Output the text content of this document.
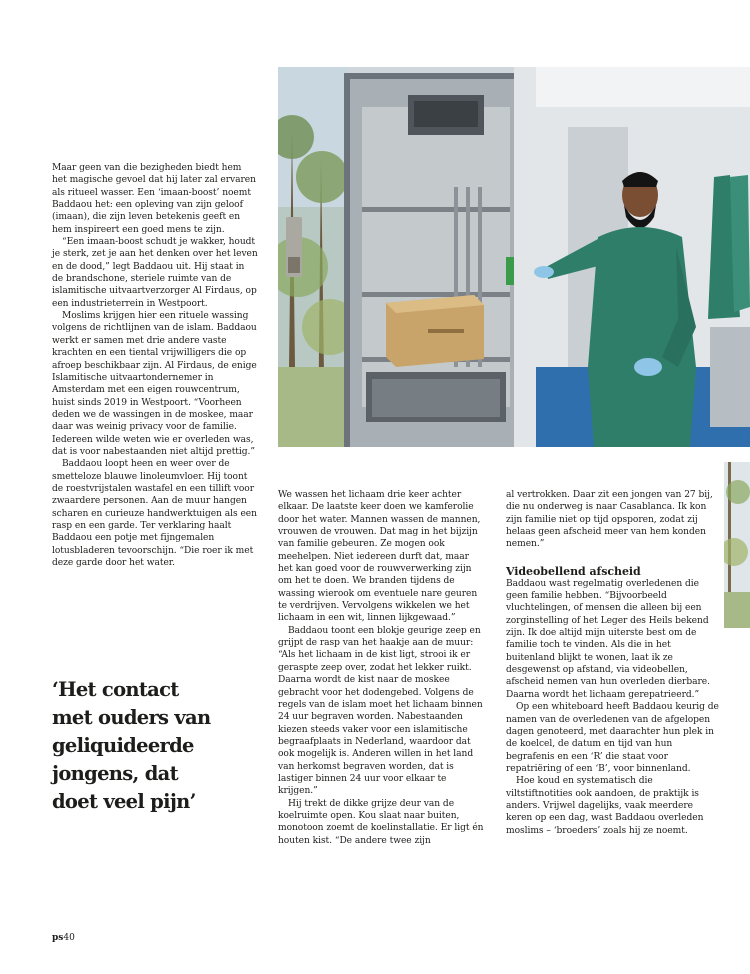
Maar geen van die bezigheden biedt hem het magische gevoel dat hij later zal ervaren als ritueel wasser. Een ‘imaan-boost’ noemt Baddaou het: een opleving van zijn geloof (imaan), die zijn leven betekenis geeft en hem inspireert een goed mens te zijn.

“Een imaan-boost schudt je wakker, houdt je sterk, zet je aan het denken over het leven en de dood,” legt Baddaou uit. Hij staat in de brandschone, steriele ruimte van de islamitische uitvaartverzorger Al Firdaus, op een industrieterrein in Westpoort.

Moslims krijgen hier een rituele wassing volgens de richtlijnen van de islam. Baddaou werkt er samen met drie andere vaste krachten en een tiental vrijwilligers die op afroep beschikbaar zijn. Al Firdaus, de enige Islamitische uitvaartondernemer in Amsterdam met een eigen rouwcentrum, huist sinds 2019 in Westpoort. “Voorheen deden we de wassingen in de moskee, maar daar was weinig privacy voor de familie. Iedereen wilde weten wie er overleden was, dat is voor nabestaanden niet altijd prettig.”

Baddaou loopt heen en weer over de smetteloze blauwe linoleumvloer. Hij toont de roestvrijstalen wastafel en een tillift voor zwaardere personen. Aan de muur hangen scharen en curieuze handwerktuigen als een rasp en een garde. Ter verklaring haalt Baddaou een potje met fijngemalen lotusbladeren tevoorschijn. “Die roer ik met deze garde door het water.

‘Het contact
met ouders van
geliquideerde
jongens, dat
doet veel pijn’

We wassen het lichaam drie keer achter elkaar. De laatste keer doen we kamferolie door het water. Mannen wassen de mannen, vrouwen de vrouwen. Dat mag in het bijzijn van familie gebeuren. Ze mogen ook meehelpen. Niet iedereen durft dat, maar het kan goed voor de rouwverwerking zijn om het te doen. We branden tijdens de wassing wierook om eventuele nare geuren te verdrijven. Vervolgens wikkelen we het lichaam in een wit, linnen lijkgewaad.”

Baddaou toont een blokje geurige zeep en grijpt de rasp van het haakje aan de muur: “Als het lichaam in de kist ligt, strooi ik er geraspte zeep over, zodat het lekker ruikt. Daarna wordt de kist naar de moskee gebracht voor het dodengebed. Volgens de regels van de islam moet het lichaam binnen 24 uur begraven worden. Nabestaanden kiezen steeds vaker voor een islamitische begraafplaats in Nederland, waardoor dat ook mogelijk is. Anderen willen in het land van herkomst begraven worden, dat is lastiger binnen 24 uur voor elkaar te krijgen.”

Hij trekt de dikke grijze deur van de koelruimte open. Kou slaat naar buiten, monotoon zoemt de koelinstallatie. Er ligt én houten kist. “De andere twee zijn

al vertrokken. Daar zit een jongen van 27 bij, die nu onderweg is naar Casablanca. Ik kon zijn familie niet op tijd opsporen, zodat zij helaas geen afscheid meer van hem konden nemen.”

Videobellend afscheid

Baddaou wast regelmatig overledenen die geen familie hebben. “Bijvoorbeeld vluchtelingen, of mensen die alleen bij een zorginstelling of het Leger des Heils bekend zijn. Ik doe altijd mijn uiterste best om de familie toch te vinden. Als die in het buitenland blijkt te wonen, laat ik ze desgewenst op afstand, via videobellen, afscheid nemen van hun overleden dierbare. Daarna wordt het lichaam gerepatrieerd.”

Op een whiteboard heeft Baddaou keurig de namen van de overledenen van de afgelopen dagen genoteerd, met daarachter hun plek in de koelcel, de datum en tijd van hun begrafenis en een ‘R’ die staat voor repatriëring of een ‘B’, voor binnenland.

Hoe koud en systematisch die viltstiftnotities ook aandoen, de praktijk is anders. Vrijwel dagelijks, vaak meerdere keren op een dag, wast Baddaou overleden moslims – ‘broeders’ zoals hij ze noemt.

ps40
